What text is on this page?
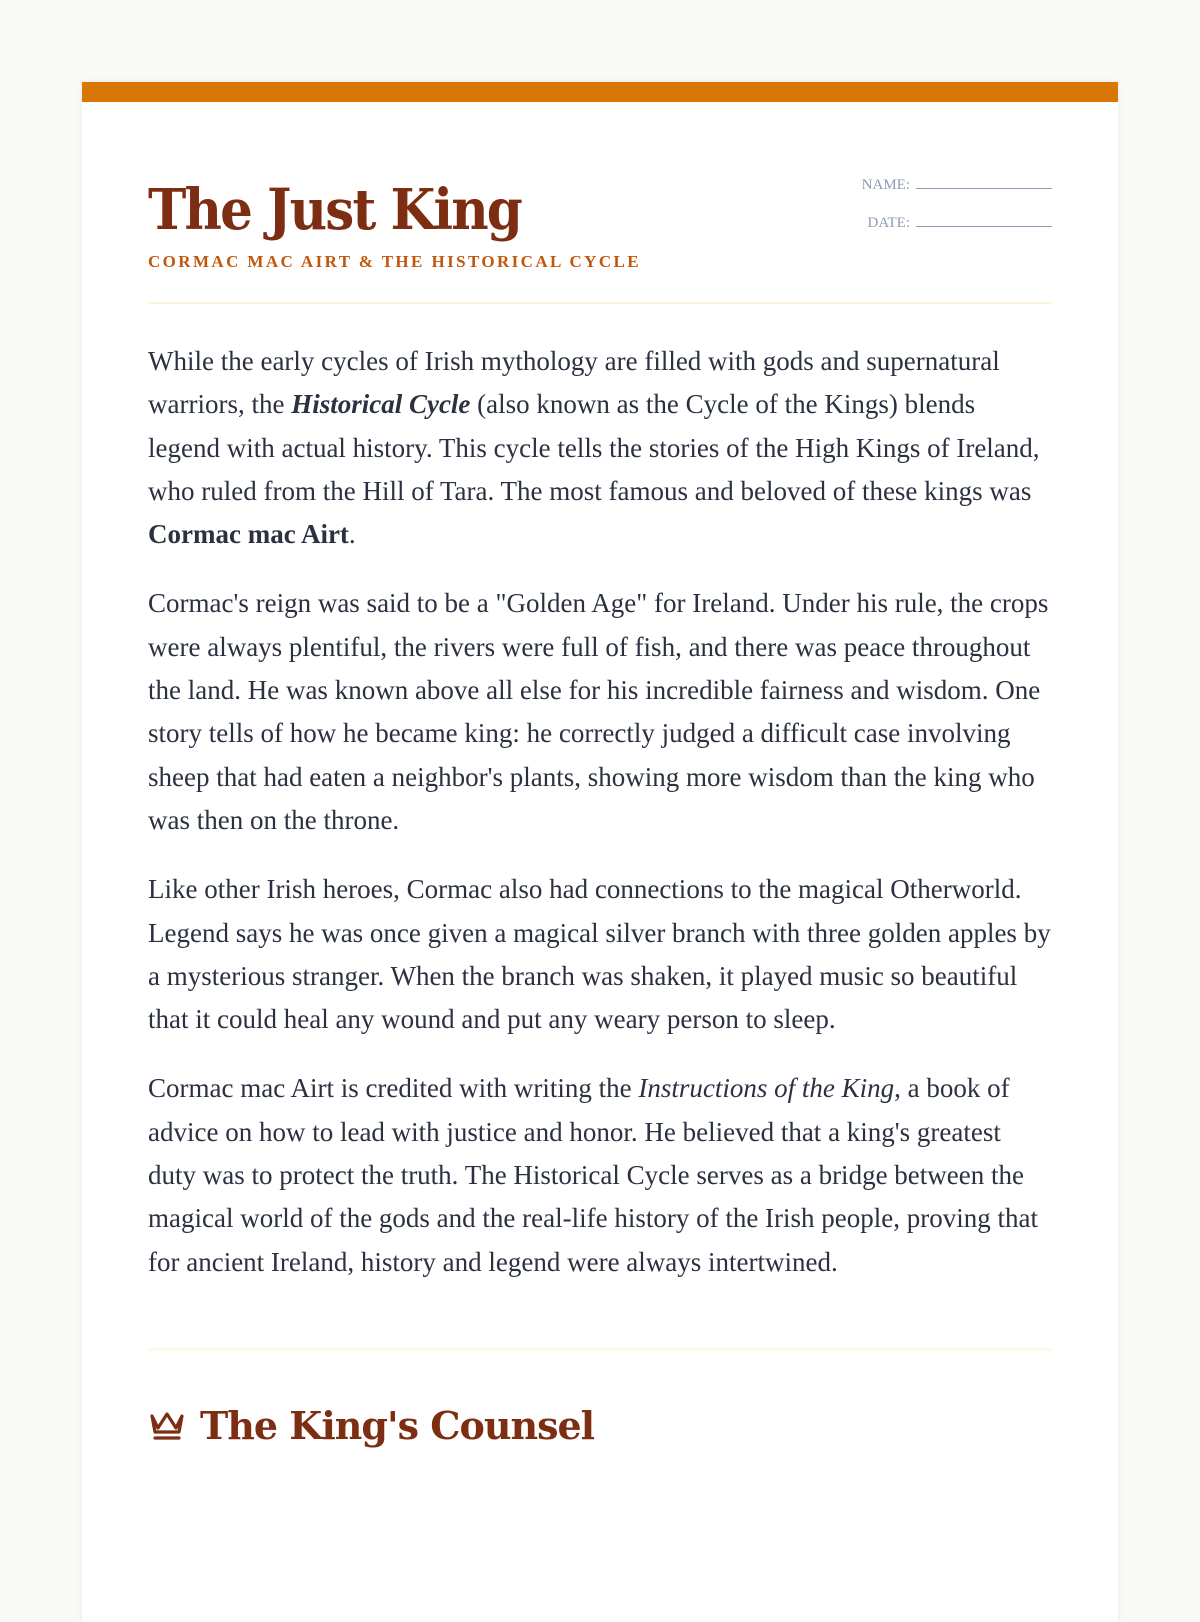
The Just King
CORMAC MAC AIRT & THE HISTORICAL CYCLE
NAME:
DATE:

While the early cycles of Irish mythology are filled with gods and supernatural warriors, the Historical Cycle (also known as the Cycle of the Kings) blends legend with actual history. This cycle tells the stories of the High Kings of Ireland, who ruled from the Hill of Tara. The most famous and beloved of these kings was Cormac mac Airt.

Cormac's reign was said to be a "Golden Age" for Ireland. Under his rule, the crops were always plentiful, the rivers were full of fish, and there was peace throughout the land. He was known above all else for his incredible fairness and wisdom. One story tells of how he became king: he correctly judged a difficult case involving sheep that had eaten a neighbor's plants, showing more wisdom than the king who was then on the throne.

Like other Irish heroes, Cormac also had connections to the magical Otherworld. Legend says he was once given a magical silver branch with three golden apples by a mysterious stranger. When the branch was shaken, it played music so beautiful that it could heal any wound and put any weary person to sleep.

Cormac mac Airt is credited with writing the Instructions of the King, a book of advice on how to lead with justice and honor. He believed that a king's greatest duty was to protect the truth. The Historical Cycle serves as a bridge between the magical world of the gods and the real-life history of the Irish people, proving that for ancient Ireland, history and legend were always intertwined.

The King's Counsel
